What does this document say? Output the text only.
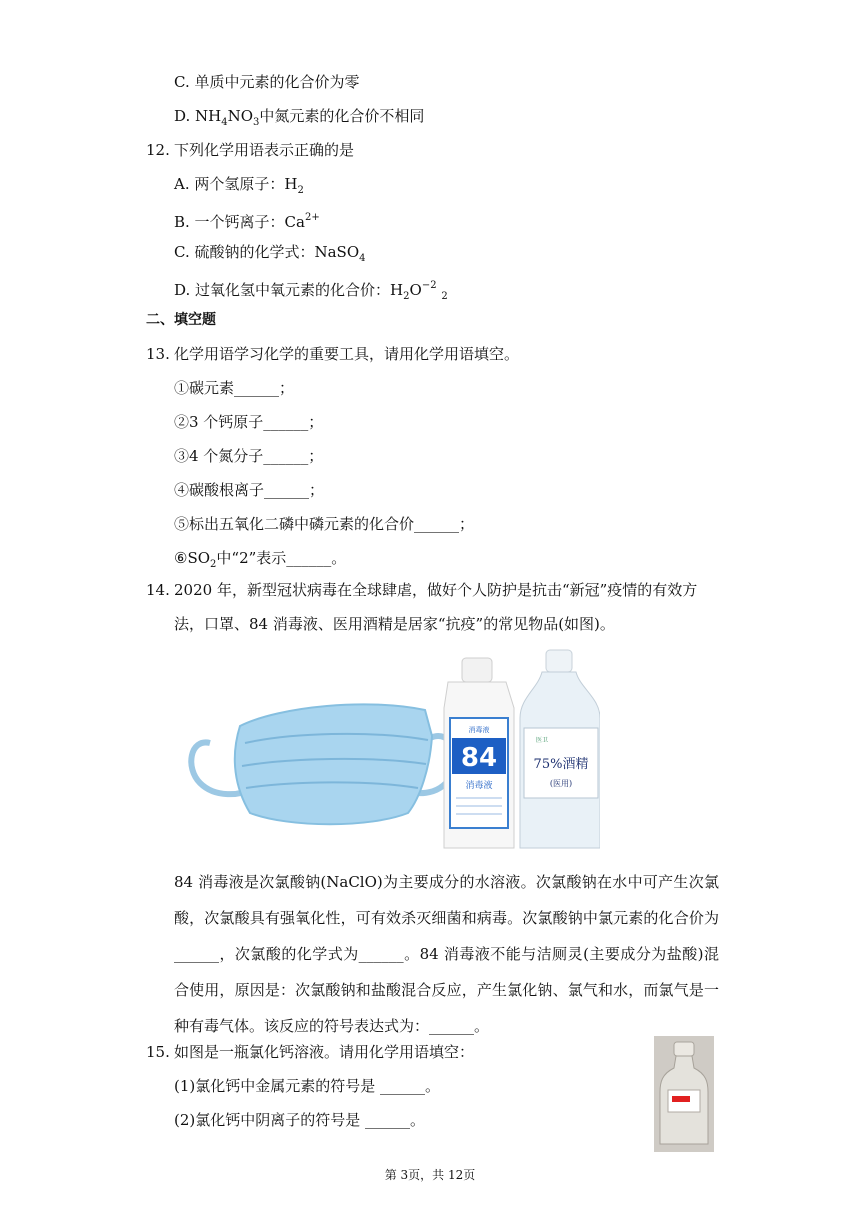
C. 单质中元素的化合价为零
D. $NH_4NO_3$中氮元素的化合价不相同
12. 下列化学用语表示正确的是
A. 两个氢原子：$H_2$
B. 一个钙离子：$Ca^{2+}$
C. 硫酸钠的化学式：NaSO$_4$
D. 过氧化氢中氧元素的化合价：$H_2O^{-2}$ $_2$
二、填空题
13. 化学用语学习化学的重要工具，请用化学用语填空。
①碳元素______；
②3 个钙原子______；
③4 个氮分子______；
④碳酸根离子______；
⑤标出五氧化二磷中磷元素的化合价______；
$⑥SO_2$中“2”表示______。
14. 2020 年，新型冠状病毒在全球肆虐，做好个人防护是抗击“新冠”疫情的有效方
法，口罩、84 消毒液、医用酒精是居家“抗疫”的常见物品(如图)。
84
消毒液
消毒液
医卫
75%酒精
(医用)
84 消毒液是次氯酸钠(NaClO)为主要成分的水溶液。次氯酸钠在水中可产生次氯酸，次氯酸具有强氧化性，可有效杀灭细菌和病毒。次氯酸钠中氯元素的化合价为______，次氯酸的化学式为______。84 消毒液不能与洁厕灵(主要成分为盐酸)混合使用，原因是：次氯酸钠和盐酸混合反应，产生氯化钠、氯气和水，而氯气是一种有毒气体。该反应的符号表达式为：______。
15. 如图是一瓶氯化钙溶液。请用化学用语填空：
(1)氯化钙中金属元素的符号是 ______。
(2)氯化钙中阴离子的符号是 ______。
第 3页，共 12页
